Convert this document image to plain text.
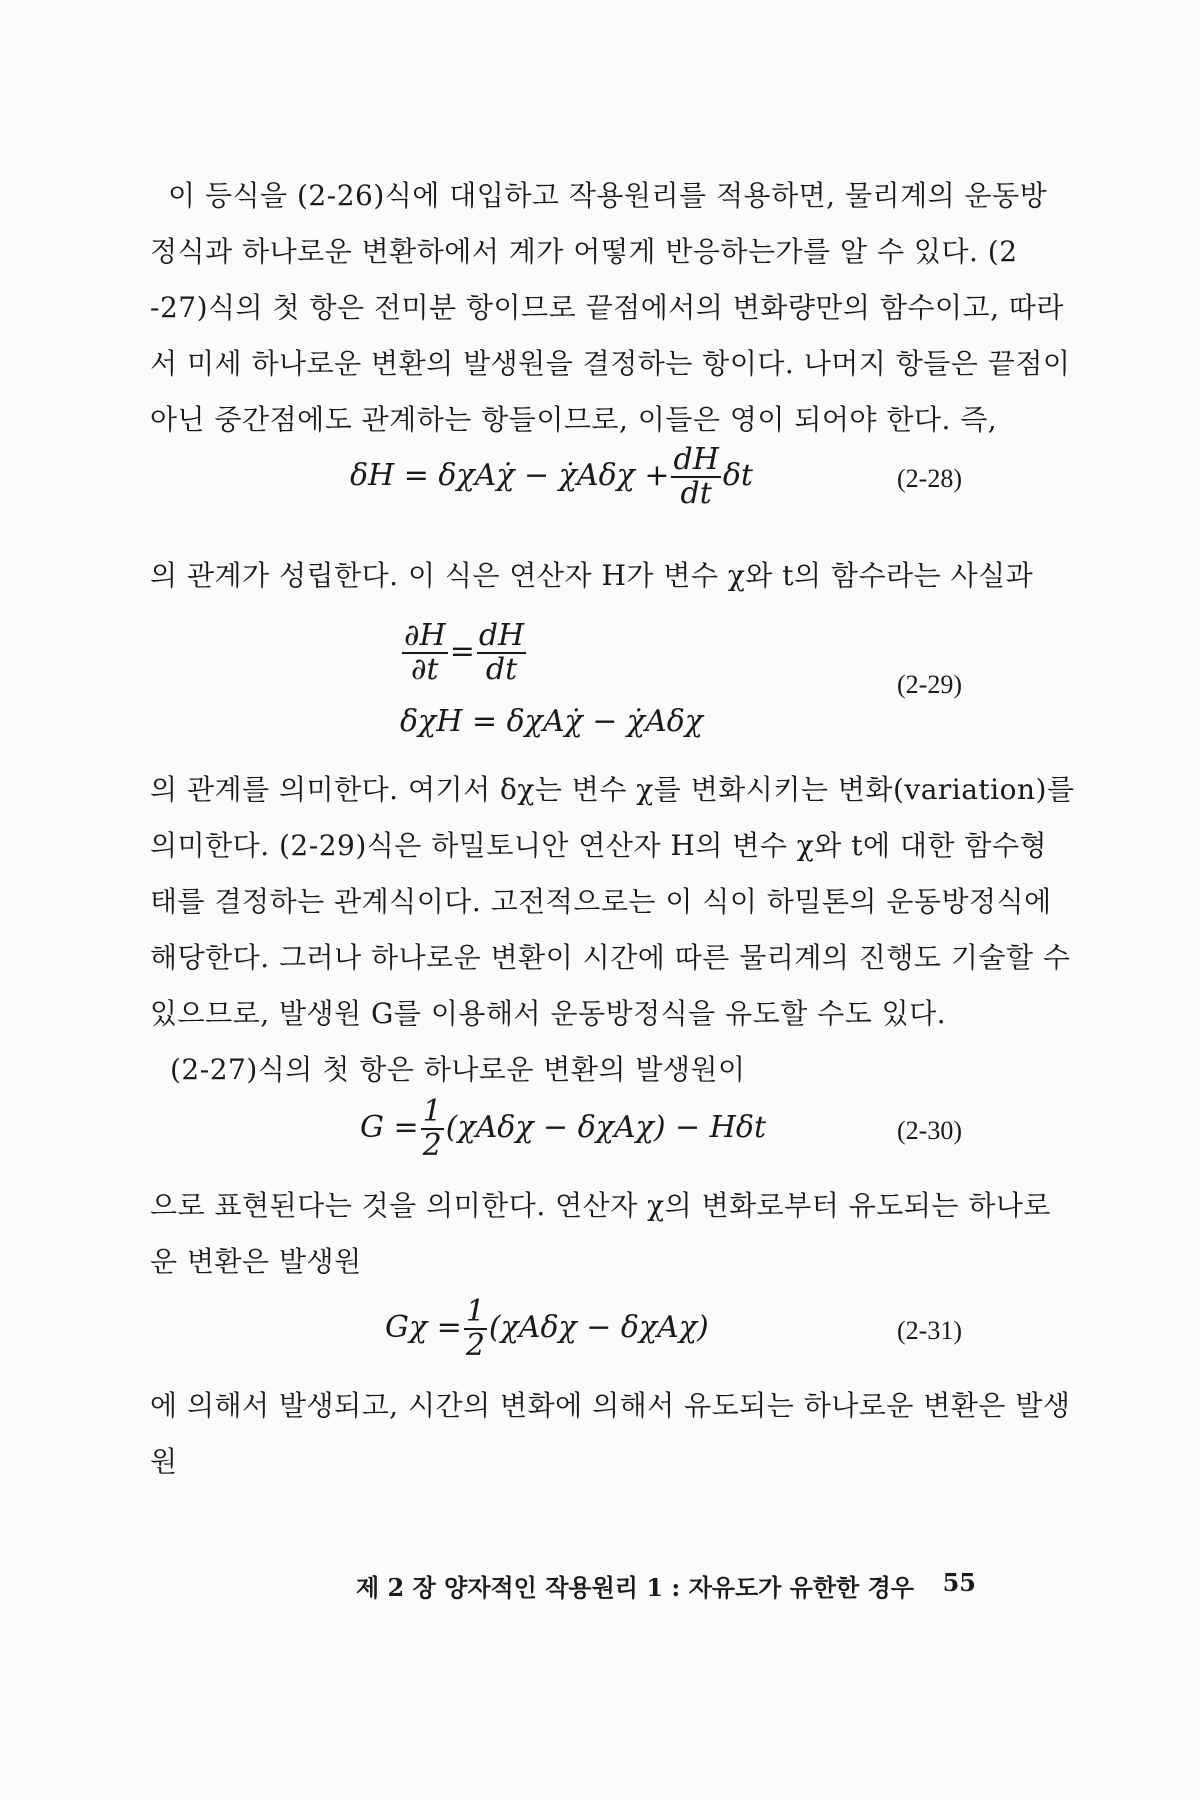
이 등식을 (2-26)식에 대입하고 작용원리를 적용하면, 물리계의 운동방
정식과 하나로운 변환하에서 계가 어떻게 반응하는가를 알 수 있다. (2
-27)식의 첫 항은 전미분 항이므로 끝점에서의 변화량만의 함수이고, 따라
서 미세 하나로운 변환의 발생원을 결정하는 항이다. 나머지 항들은 끝점이
아닌 중간점에도 관계하는 항들이므로, 이들은 영이 되어야 한다. 즉,
δH = δχAχ̇ − χ̇Aδχ + $\frac{dH}{dt}$ δt	(2-28)
의 관계가 성립한다. 이 식은 연산자 H가 변수 χ와 t의 함수라는 사실과
$\frac{\partial H}{\partial t} = \frac{dH}{dt}$
δχH = δχAχ̇ − χ̇Aδχ
(2-29)
의 관계를 의미한다. 여기서 δχ는 변수 χ를 변화시키는 변화(variation)를
의미한다. (2-29)식은 하밀토니안 연산자 H의 변수 χ와 t에 대한 함수형
태를 결정하는 관계식이다. 고전적으로는 이 식이 하밀톤의 운동방정식에
해당한다. 그러나 하나로운 변환이 시간에 따른 물리계의 진행도 기술할 수
있으므로, 발생원 G를 이용해서 운동방정식을 유도할 수도 있다.
(2-27)식의 첫 항은 하나로운 변환의 발생원이
$G = \frac{1}{2} (\chi A\delta\chi - \delta\chi A\chi) - H\delta t$	(2-30)
으로 표현된다는 것을 의미한다. 연산자 χ의 변화로부터 유도되는 하나로
운 변환은 발생원
$G\chi = \frac{1}{2} (\chi A\delta\chi - \delta\chi A\chi)$	(2-31)
에 의해서 발생되고, 시간의 변화에 의해서 유도되는 하나로운 변환은 발생
원
제 2 장 양자적인 작용원리 1 : 자유도가 유한한 경우 55
